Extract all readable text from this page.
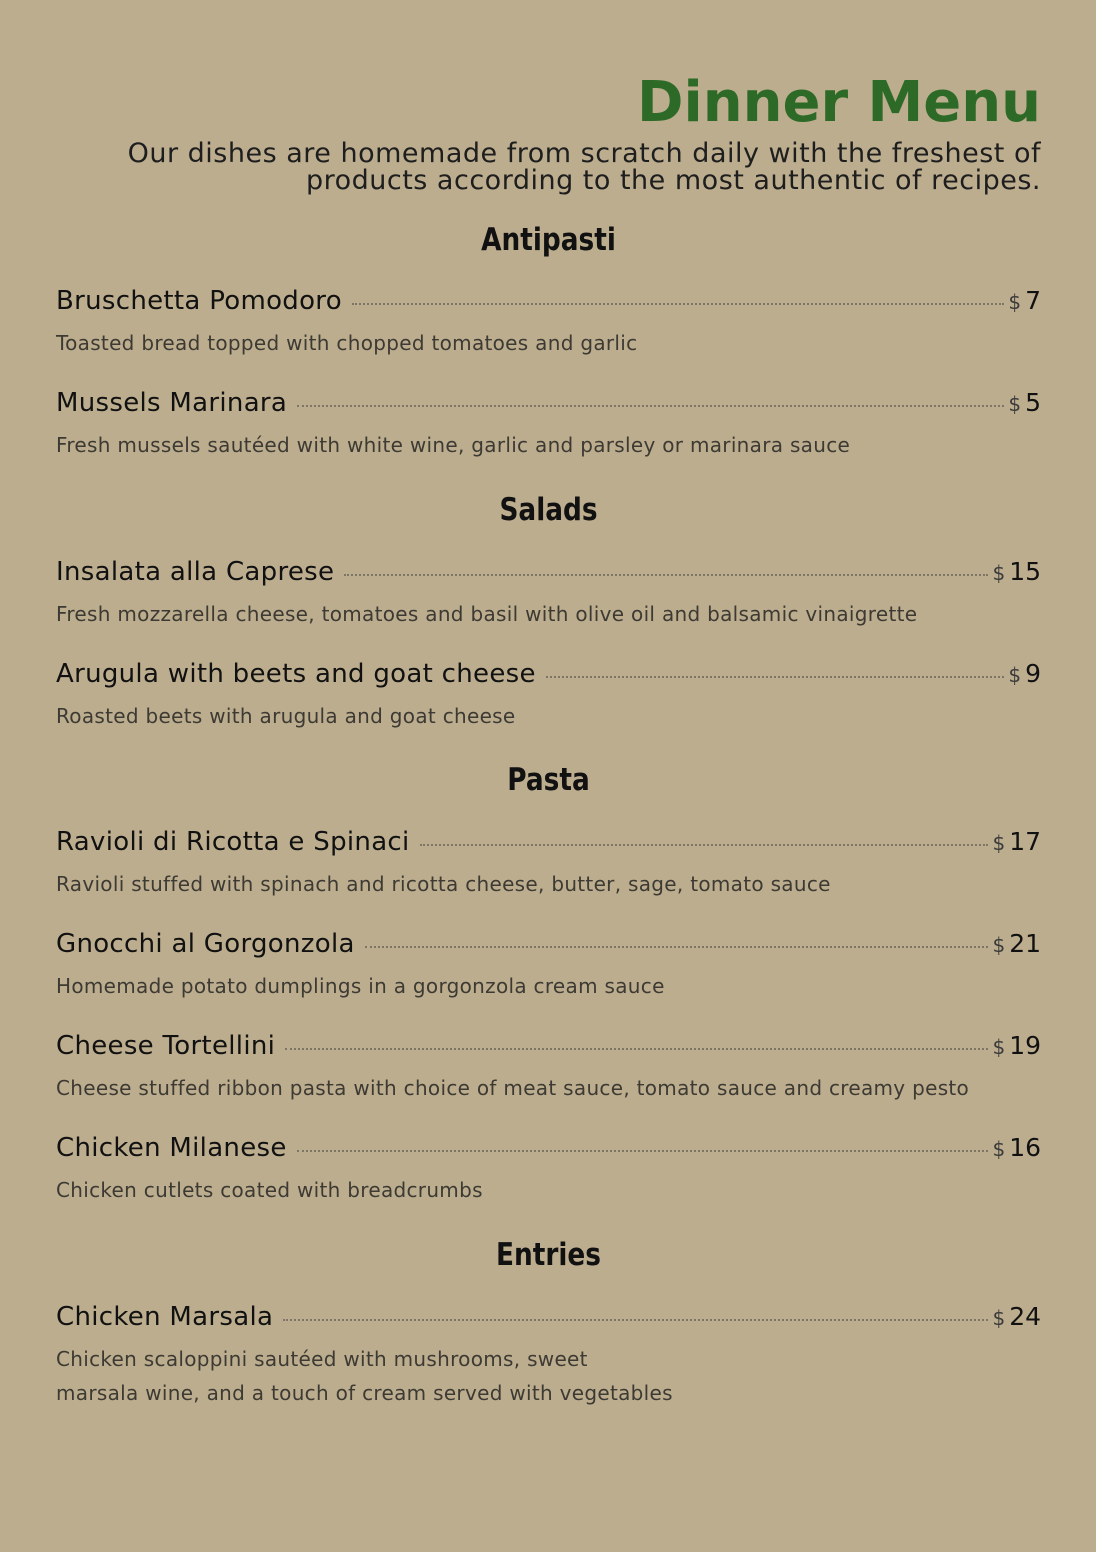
Dinner Menu

Our dishes are homemade from scratch daily with the freshest of products according to the most authentic of recipes.

Antipasti
Bruschetta Pomodoro	$ 7
Toasted bread topped with chopped tomatoes and garlic
Mussels Marinara	$ 5
Fresh mussels sautéed with white wine, garlic and parsley or marinara sauce
Salads
Insalata alla Caprese	$ 15
Fresh mozzarella cheese, tomatoes and basil with olive oil and balsamic vinaigrette
Arugula with beets and goat cheese	$ 9
Roasted beets with arugula and goat cheese
Pasta
Ravioli di Ricotta e Spinaci	$ 17
Ravioli stuffed with spinach and ricotta cheese, butter, sage, tomato sauce
Gnocchi al Gorgonzola	$ 21
Homemade potato dumplings in a gorgonzola cream sauce
Cheese Tortellini	$ 19
Cheese stuffed ribbon pasta with choice of meat sauce, tomato sauce and creamy pesto
Chicken Milanese	$ 16
Chicken cutlets coated with breadcrumbs
Entries
Chicken Marsala	$ 24
Chicken scaloppini sautéed with mushrooms, sweet
marsala wine, and a touch of cream served with vegetables
